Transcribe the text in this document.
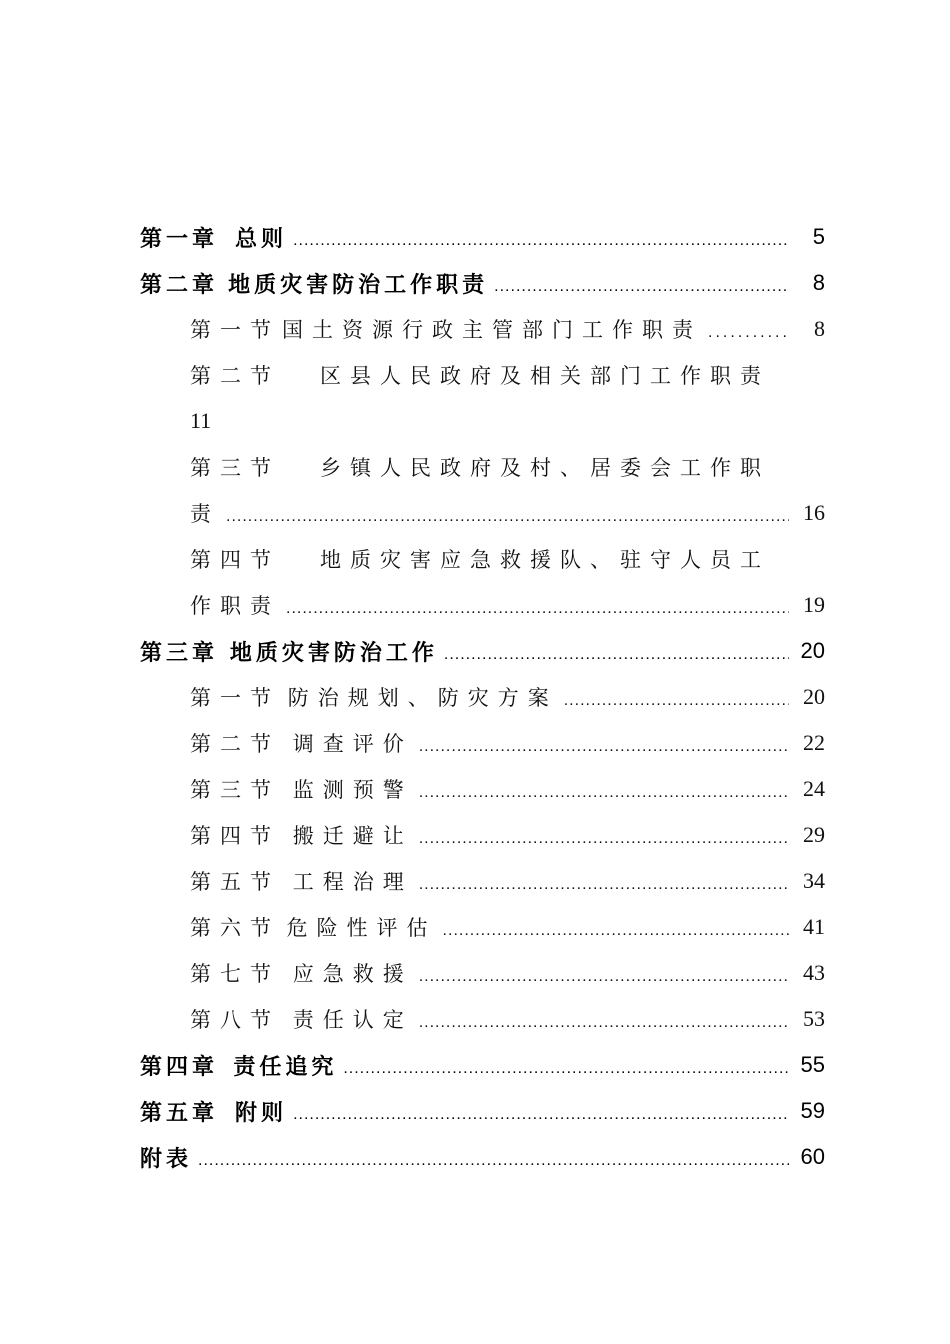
第一章 总则 .....	5
第二章 地质灾害防治工作职责 .....	8
第一节 国土资源行政主管部门工作职责 .....	8
第二节 区县人民政府及相关部门工作职责
11
第三节 乡镇人民政府及村、居委会工作职
责 .....	16
第四节 地质灾害应急救援队、驻守人员工
作职责 .....	19
第三章 地质灾害防治工作 .....	20
第一节 防治规划、防灾方案 .....	20
第二节 调查评价 .....	22
第三节 监测预警 .....	24
第四节 搬迁避让 .....	29
第五节 工程治理 .....	34
第六节 危险性评估 .....	41
第七节 应急救援 .....	43
第八节 责任认定 .....	53
第四章 责任追究 .....	55
第五章 附则 .....	59
附表 .....	60
